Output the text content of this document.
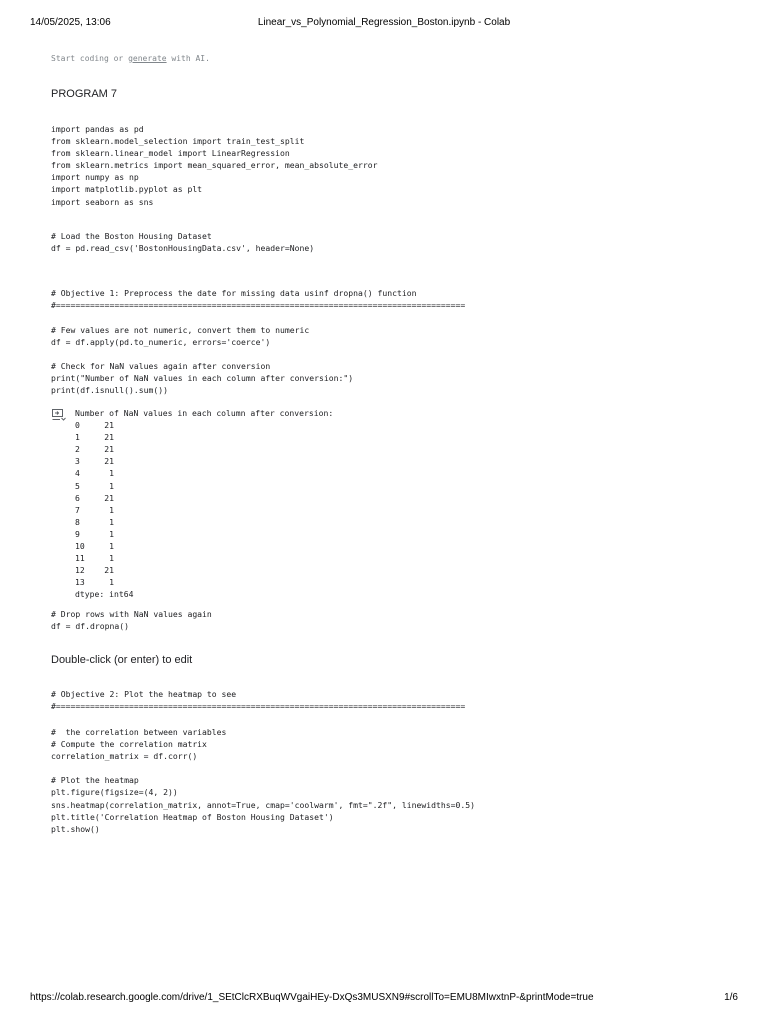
14/05/2025, 13:06	Linear_vs_Polynomial_Regression_Boston.ipynb - Colab
Start coding or generate with AI.
PROGRAM 7
import pandas as pd
from sklearn.model_selection import train_test_split
from sklearn.linear_model import LinearRegression
from sklearn.metrics import mean_squared_error, mean_absolute_error
import numpy as np
import matplotlib.pyplot as plt
import seaborn as sns
# Load the Boston Housing Dataset
df = pd.read_csv('BostonHousingData.csv', header=None)
# Objective 1: Preprocess the date for missing data usinf dropna() function
#====================================================================================
# Few values are not numeric, convert them to numeric
df = df.apply(pd.to_numeric, errors='coerce')

# Check for NaN values again after conversion
print("Number of NaN values in each column after conversion:")
print(df.isnull().sum())
Number of NaN values in each column after conversion:
0     21
1     21
2     21
3     21
4      1
5      1
6     21
7      1
8      1
9      1
10     1
11     1
12    21
13     1
dtype: int64
# Drop rows with NaN values again
df = df.dropna()
Double-click (or enter) to edit
# Objective 2: Plot the heatmap to see
#====================================================================================
#  the correlation between variables
# Compute the correlation matrix
correlation_matrix = df.corr()

# Plot the heatmap
plt.figure(figsize=(4, 2))
sns.heatmap(correlation_matrix, annot=True, cmap='coolwarm', fmt=".2f", linewidths=0.5)
plt.title('Correlation Heatmap of Boston Housing Dataset')
plt.show()
https://colab.research.google.com/drive/1_SEtClcRXBuqWVgaiHEy-DxQs3MUSXN9#scrollTo=EMU8MIwxtnP-&printMode=true	1/6
